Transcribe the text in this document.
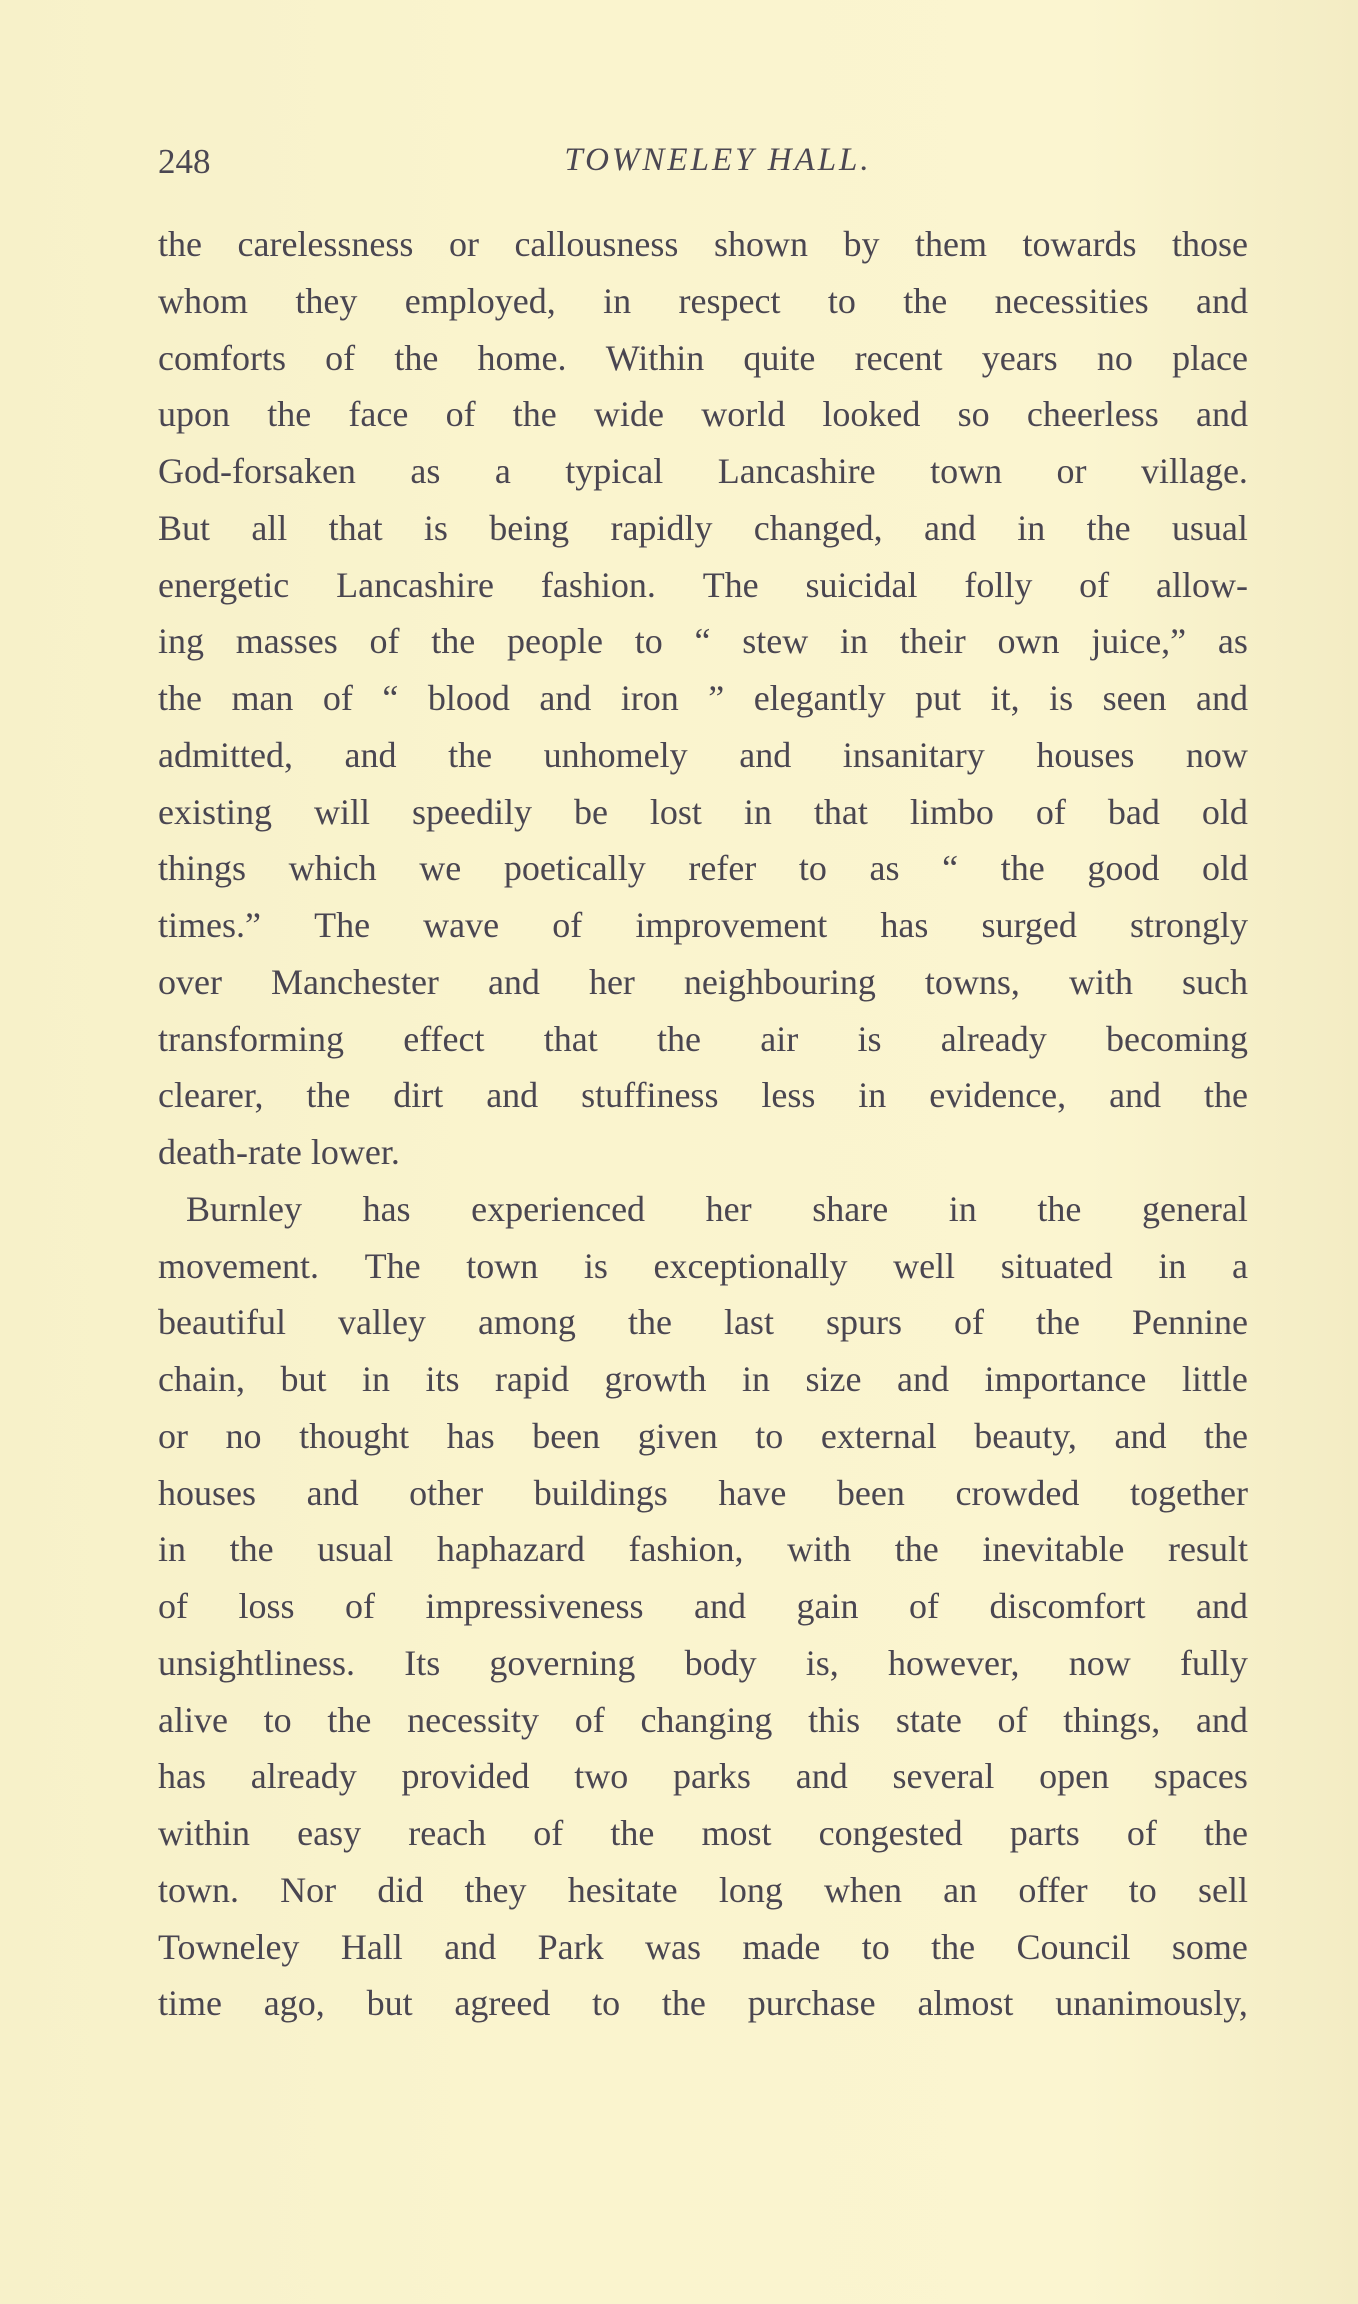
248	TOWNELEY HALL.
the carelessness or callousness shown by them towards those
whom they employed, in respect to the necessities and
comforts of the home. Within quite recent years no place
upon the face of the wide world looked so cheerless and
God-forsaken as a typical Lancashire town or village.
But all that is being rapidly changed, and in the usual
energetic Lancashire fashion. The suicidal folly of allow-
ing masses of the people to “ stew in their own juice,” as
the man of “ blood and iron ” elegantly put it, is seen and
admitted, and the unhomely and insanitary houses now
existing will speedily be lost in that limbo of bad old
things which we poetically refer to as “ the good old
times.” The wave of improvement has surged strongly
over Manchester and her neighbouring towns, with such
transforming effect that the air is already becoming
clearer, the dirt and stuffiness less in evidence, and the
death-rate lower.
Burnley has experienced her share in the general
movement. The town is exceptionally well situated in a
beautiful valley among the last spurs of the Pennine
chain, but in its rapid growth in size and importance little
or no thought has been given to external beauty, and the
houses and other buildings have been crowded together
in the usual haphazard fashion, with the inevitable result
of loss of impressiveness and gain of discomfort and
unsightliness. Its governing body is, however, now fully
alive to the necessity of changing this state of things, and
has already provided two parks and several open spaces
within easy reach of the most congested parts of the
town. Nor did they hesitate long when an offer to sell
Towneley Hall and Park was made to the Council some
time ago, but agreed to the purchase almost unanimously,
